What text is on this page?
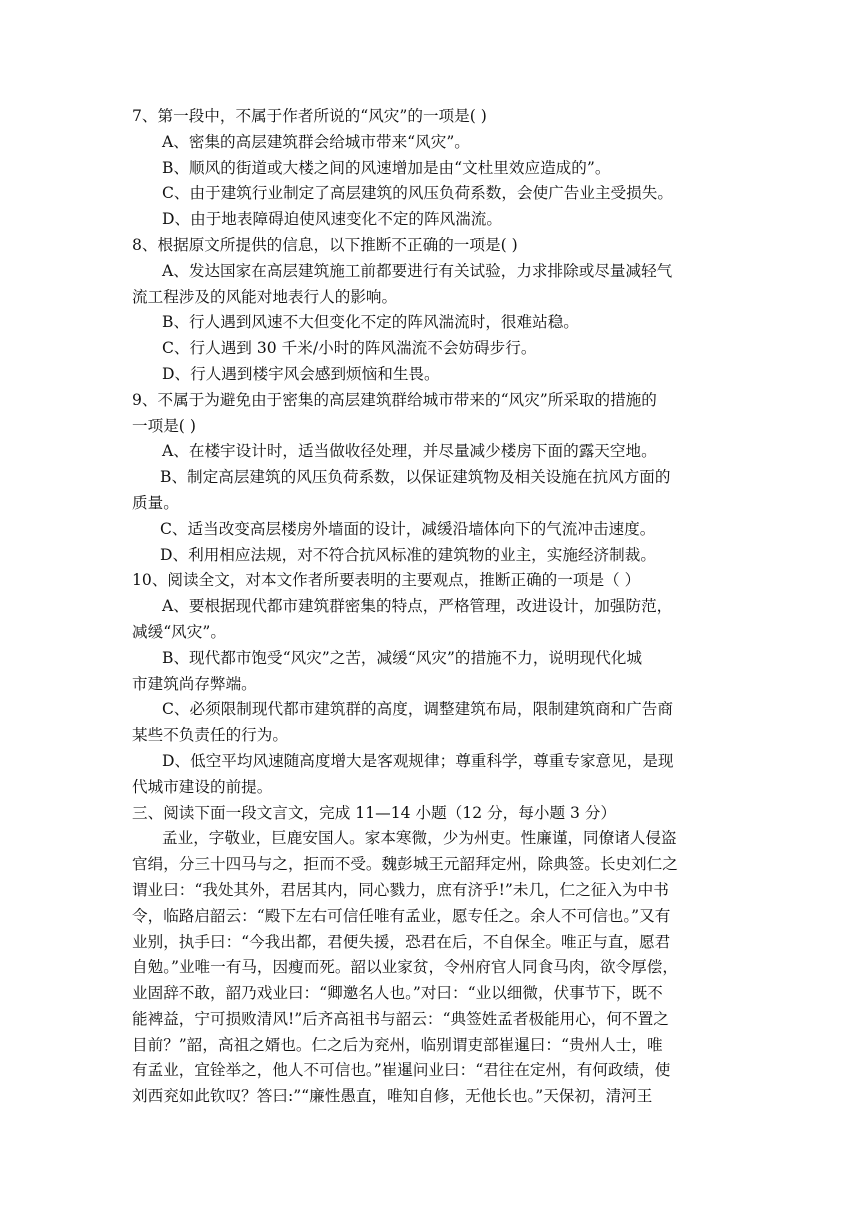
7、第一段中，不属于作者所说的“风灾”的一项是( )
A、密集的高层建筑群会给城市带来“风灾”。
B、顺风的街道或大楼之间的风速增加是由“文杜里效应造成的”。
C、由于建筑行业制定了高层建筑的风压负荷系数，会使广告业主受损失。
D、由于地表障碍迫使风速变化不定的阵风湍流。
8、根据原文所提供的信息，以下推断不正确的一项是( )
A、发达国家在高层建筑施工前都要进行有关试验，力求排除或尽量减轻气
流工程涉及的风能对地表行人的影响。
B、行人遇到风速不大但变化不定的阵风湍流时，很难站稳。
C、行人遇到 30 千米/小时的阵风湍流不会妨碍步行。
D、行人遇到楼宇风会感到烦恼和生畏。
9、不属于为避免由于密集的高层建筑群给城市带来的“风灾”所采取的措施的
一项是( )
A、在楼宇设计时，适当做收径处理，并尽量减少楼房下面的露天空地。
B、制定高层建筑的风压负荷系数，以保证建筑物及相关设施在抗风方面的
质量。
C、适当改变高层楼房外墙面的设计，减缓沿墙体向下的气流冲击速度。
D、利用相应法规，对不符合抗风标准的建筑物的业主，实施经济制裁。
10、阅读全文，对本文作者所要表明的主要观点，推断正确的一项是（ ）
A、要根据现代都市建筑群密集的特点，严格管理，改进设计，加强防范，
减缓“风灾”。
B、现代都市饱受“风灾”之苦，减缓“风灾”的措施不力，说明现代化城
市建筑尚存弊端。
C、必须限制现代都市建筑群的高度，调整建筑布局，限制建筑商和广告商
某些不负责任的行为。
D、低空平均风速随高度增大是客观规律；尊重科学，尊重专家意见，是现
代城市建设的前提。
三、阅读下面一段文言文，完成 11—14 小题（12 分，每小题 3 分）
孟业，字敬业，巨鹿安国人。家本寒微，少为州吏。性廉谨，同僚诸人侵盗
官绢，分三十四马与之，拒而不受。魏彭城王元韶拜定州，除典签。长史刘仁之
谓业曰：“我处其外，君居其内，同心戮力，庶有济乎!”未几，仁之征入为中书
令，临路启韶云：“殿下左右可信任唯有孟业，愿专任之。余人不可信也。”又有
业别，执手曰：“今我出都，君便失援，恐君在后，不自保全。唯正与直，愿君
自勉。”业唯一有马，因瘦而死。韶以业家贫，令州府官人同食马肉，欲令厚偿，
业固辞不敢，韶乃戏业曰：“卿邀名人也。”对曰：“业以细微，伏事节下，既不
能裨益，宁可损败清风!”后齐高祖书与韶云：“典签姓孟者极能用心，何不置之
目前？”韶，高祖之婿也。仁之后为兖州，临别谓吏部崔暹曰：“贵州人士，唯
有孟业，宜铨举之，他人不可信也。”崔暹问业曰：“君往在定州，有何政绩，使
刘西兖如此钦叹？答曰:”“廉性愚直，唯知自修，无他长也。”天保初，清河王
